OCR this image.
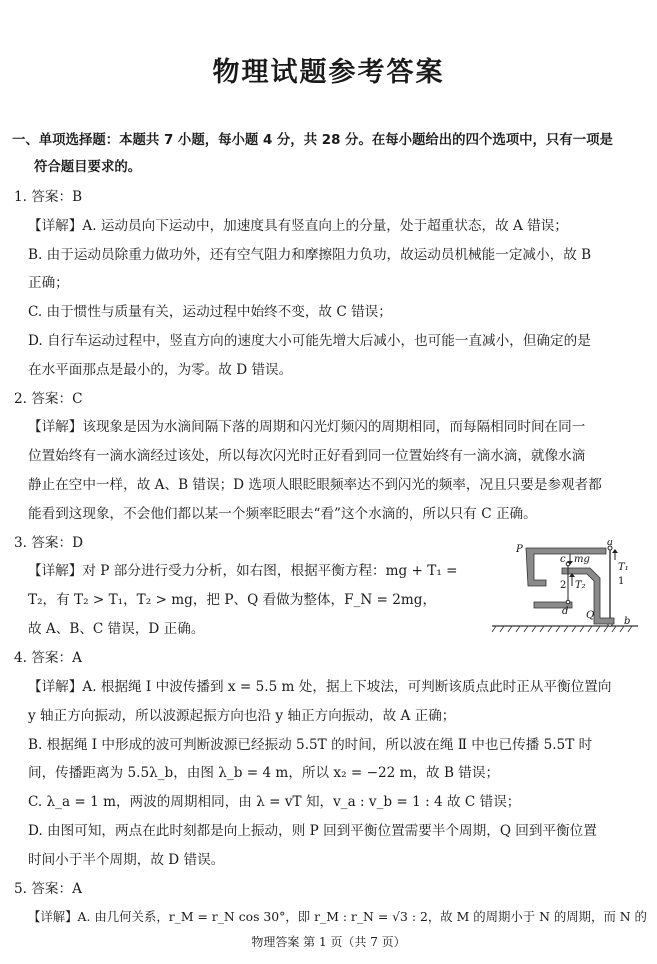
物理试题参考答案
一、单项选择题：本题共 7 小题，每小题 4 分，共 28 分。在每小题给出的四个选项中，只有一项是
符合题目要求的。
1. 答案：B
【详解】A. 运动员向下运动中，加速度具有竖直向上的分量，处于超重状态，故 A 错误；
B. 由于运动员除重力做功外，还有空气阻力和摩擦阻力负功，故运动员机械能一定减小，故 B
正确；
C. 由于惯性与质量有关，运动过程中始终不变，故 C 错误；
D. 自行车运动过程中，竖直方向的速度大小可能先增大后减小，也可能一直减小，但确定的是
在水平面那点是最小的，为零。故 D 错误。
2. 答案：C
【详解】该现象是因为水滴间隔下落的周期和闪光灯频闪的周期相同，而每隔相同时间在同一
位置始终有一滴水滴经过该处，所以每次闪光时正好看到同一位置始终有一滴水滴，就像水滴
静止在空中一样，故 A、B 错误；D 选项人眼眨眼频率达不到闪光的频率，况且只要是参观者都
能看到这现象，不会他们都以某一个频率眨眼去“看”这个水滴的，所以只有 C 正确。
3. 答案：D
【详解】对 P 部分进行受力分析，如右图，根据平衡方程：mg + T₁ =
T₂，有 T₂ > T₁，T₂ > mg，把 P、Q 看做为整体，F_N = 2mg，
故 A、B、C 错误，D 正确。
P
Q
c
d
a
b
mg
T₂
T₁
1
2
4. 答案：A
【详解】A. 根据绳 Ⅰ 中波传播到 x = 5.5 m 处，据上下坡法，可判断该质点此时正从平衡位置向
y 轴正方向振动，所以波源起振方向也沿 y 轴正方向振动，故 A 正确；
B. 根据绳 Ⅰ 中形成的波可判断波源已经振动 5.5T 的时间，所以波在绳 Ⅱ 中也已传播 5.5T 时
间，传播距离为 5.5λ_b，由图 λ_b = 4 m，所以 x₂ = −22 m，故 B 错误；
C. λ_a = 1 m，两波的周期相同，由 λ = vT 知，v_a : v_b = 1 : 4 故 C 错误；
D. 由图可知，两点在此时刻都是向上振动，则 P 回到平衡位置需要半个周期，Q 回到平衡位置
时间小于半个周期，故 D 错误。
5. 答案：A
【详解】A. 由几何关系，r_M = r_N cos 30°，即 r_M : r_N = √3 : 2，故 M 的周期小于 N 的周期，而 N 的
物理答案 第 1 页（共 7 页）
